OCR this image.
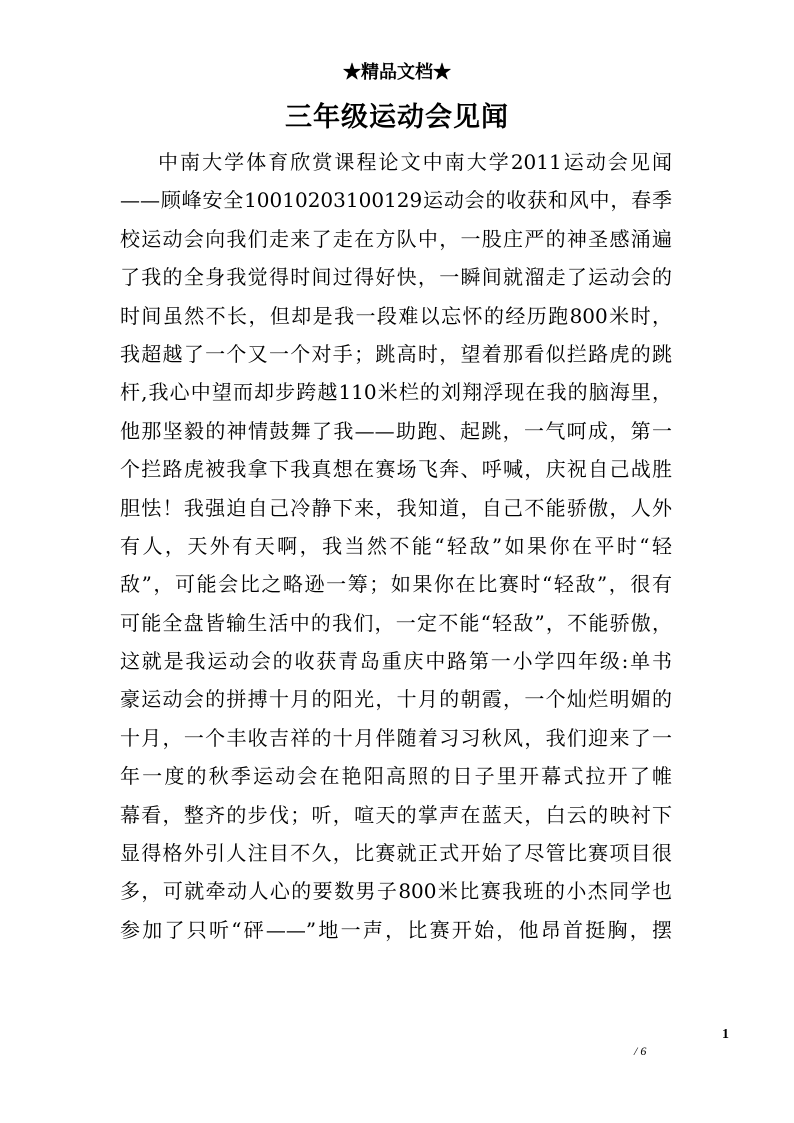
★精品文档★
三年级运动会见闻
中南大学体育欣赏课程论文中南大学2011运动会见闻
——顾峰安全10010203100129运动会的收获和风中，春季
校运动会向我们走来了走在方队中，一股庄严的神圣感涌遍
了我的全身我觉得时间过得好快，一瞬间就溜走了运动会的
时间虽然不长，但却是我一段难以忘怀的经历跑800米时，
我超越了一个又一个对手；跳高时，望着那看似拦路虎的跳
杆,我心中望而却步跨越110米栏的刘翔浮现在我的脑海里，
他那坚毅的神情鼓舞了我——助跑、起跳，一气呵成，第一
个拦路虎被我拿下我真想在赛场飞奔、呼喊，庆祝自己战胜
胆怯！我强迫自己冷静下来，我知道，自己不能骄傲，人外
有人，天外有天啊，我当然不能“轻敌”如果你在平时“轻
敌”，可能会比之略逊一筹；如果你在比赛时“轻敌”，很有
可能全盘皆输生活中的我们，一定不能“轻敌”，不能骄傲，
这就是我运动会的收获青岛重庆中路第一小学四年级:单书
豪运动会的拼搏十月的阳光，十月的朝霞，一个灿烂明媚的
十月，一个丰收吉祥的十月伴随着习习秋风，我们迎来了一
年一度的秋季运动会在艳阳高照的日子里开幕式拉开了帷
幕看，整齐的步伐；听，喧天的掌声在蓝天，白云的映衬下
显得格外引人注目不久，比赛就正式开始了尽管比赛项目很
多，可就牵动人心的要数男子800米比赛我班的小杰同学也
参加了只听“砰——”地一声，比赛开始，他昂首挺胸，摆
1
/ 6
